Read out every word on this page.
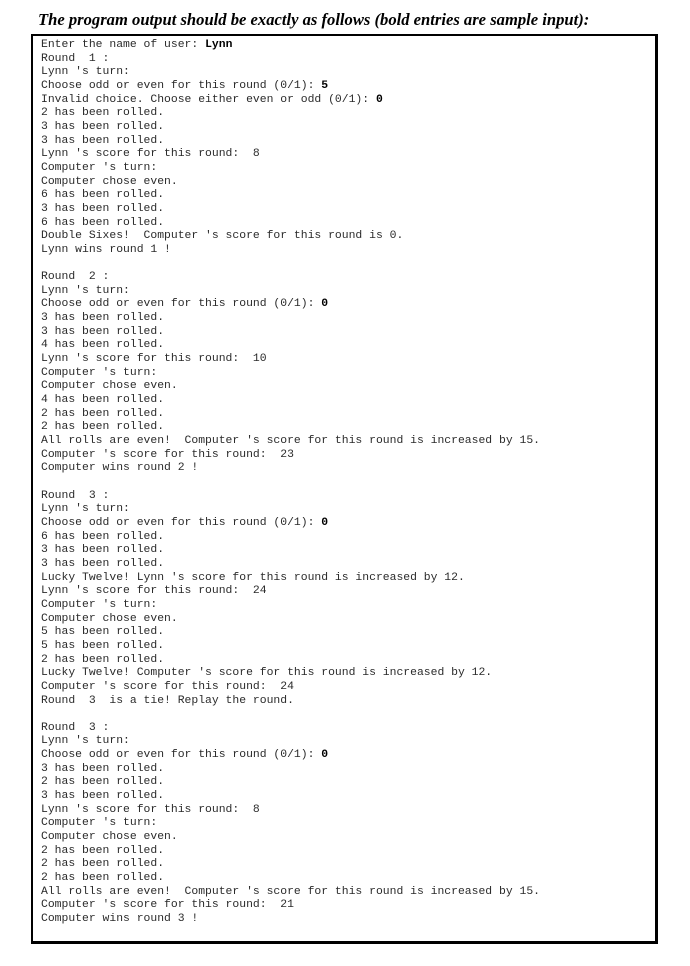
The program output should be exactly as follows (bold entries are sample input):
Enter the name of user: Lynn
Round  1 :
Lynn 's turn:
Choose odd or even for this round (0/1): 5
Invalid choice. Choose either even or odd (0/1): 0
2 has been rolled.
3 has been rolled.
3 has been rolled.
Lynn 's score for this round:  8
Computer 's turn:
Computer chose even.
6 has been rolled.
3 has been rolled.
6 has been rolled.
Double Sixes!  Computer 's score for this round is 0.
Lynn wins round 1 !
Round  2 :
Lynn 's turn:
Choose odd or even for this round (0/1): 0
3 has been rolled.
3 has been rolled.
4 has been rolled.
Lynn 's score for this round:  10
Computer 's turn:
Computer chose even.
4 has been rolled.
2 has been rolled.
2 has been rolled.
All rolls are even!  Computer 's score for this round is increased by 15.
Computer 's score for this round:  23
Computer wins round 2 !
Round  3 :
Lynn 's turn:
Choose odd or even for this round (0/1): 0
6 has been rolled.
3 has been rolled.
3 has been rolled.
Lucky Twelve! Lynn 's score for this round is increased by 12.
Lynn 's score for this round:  24
Computer 's turn:
Computer chose even.
5 has been rolled.
5 has been rolled.
2 has been rolled.
Lucky Twelve! Computer 's score for this round is increased by 12.
Computer 's score for this round:  24
Round  3  is a tie! Replay the round.
Round  3 :
Lynn 's turn:
Choose odd or even for this round (0/1): 0
3 has been rolled.
2 has been rolled.
3 has been rolled.
Lynn 's score for this round:  8
Computer 's turn:
Computer chose even.
2 has been rolled.
2 has been rolled.
2 has been rolled.
All rolls are even!  Computer 's score for this round is increased by 15.
Computer 's score for this round:  21
Computer wins round 3 !
